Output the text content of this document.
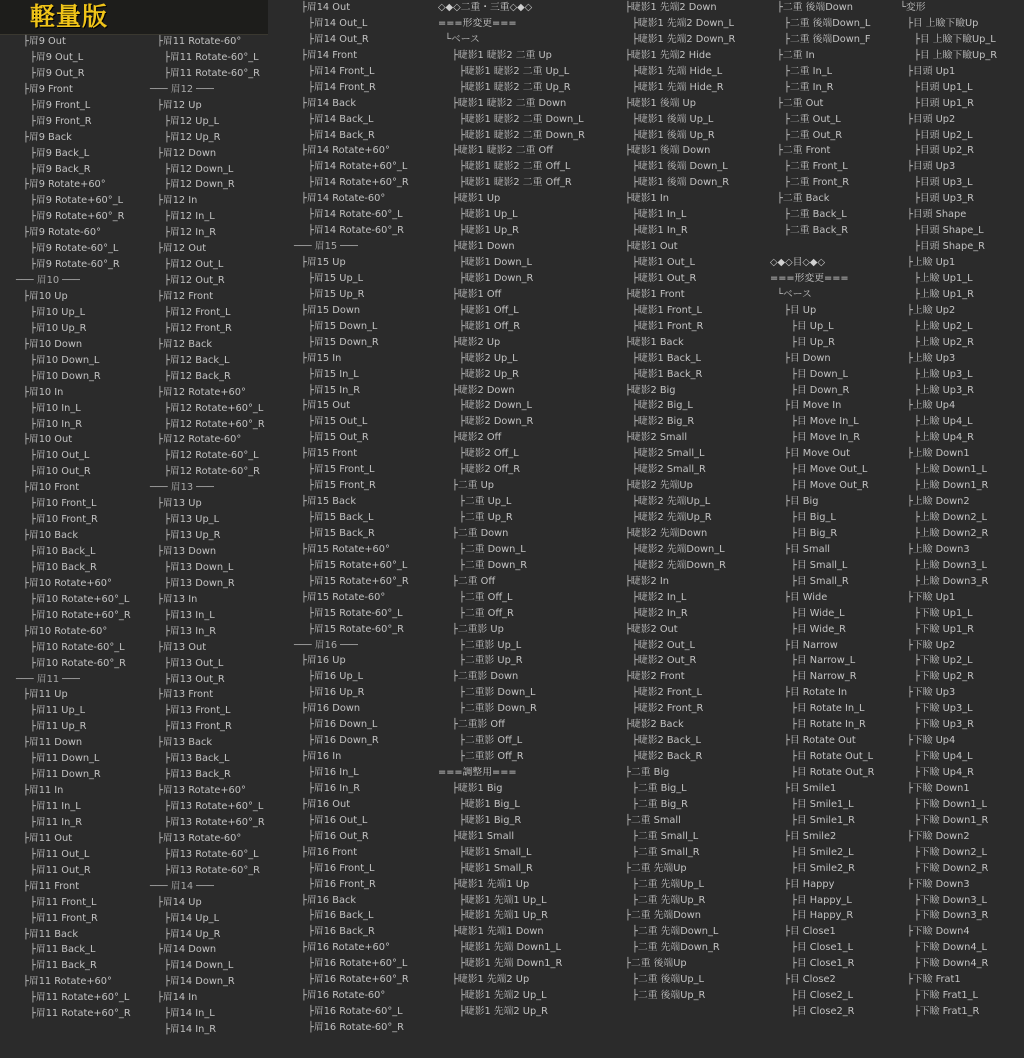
軽量版
├眉9 Out
├眉9 Out_L
├眉9 Out_R
├眉9 Front
├眉9 Front_L
├眉9 Front_R
├眉9 Back
├眉9 Back_L
├眉9 Back_R
├眉9 Rotate+60°
├眉9 Rotate+60°_L
├眉9 Rotate+60°_R
├眉9 Rotate-60°
├眉9 Rotate-60°_L
├眉9 Rotate-60°_R
─── 眉10 ───
├眉10 Up
├眉10 Up_L
├眉10 Up_R
├眉10 Down
├眉10 Down_L
├眉10 Down_R
├眉10 In
├眉10 In_L
├眉10 In_R
├眉10 Out
├眉10 Out_L
├眉10 Out_R
├眉10 Front
├眉10 Front_L
├眉10 Front_R
├眉10 Back
├眉10 Back_L
├眉10 Back_R
├眉10 Rotate+60°
├眉10 Rotate+60°_L
├眉10 Rotate+60°_R
├眉10 Rotate-60°
├眉10 Rotate-60°_L
├眉10 Rotate-60°_R
─── 眉11 ───
├眉11 Up
├眉11 Up_L
├眉11 Up_R
├眉11 Down
├眉11 Down_L
├眉11 Down_R
├眉11 In
├眉11 In_L
├眉11 In_R
├眉11 Out
├眉11 Out_L
├眉11 Out_R
├眉11 Front
├眉11 Front_L
├眉11 Front_R
├眉11 Back
├眉11 Back_L
├眉11 Back_R
├眉11 Rotate+60°
├眉11 Rotate+60°_L
├眉11 Rotate+60°_R
├眉11 Rotate-60°
├眉11 Rotate-60°_L
├眉11 Rotate-60°_R
─── 眉12 ───
├眉12 Up
├眉12 Up_L
├眉12 Up_R
├眉12 Down
├眉12 Down_L
├眉12 Down_R
├眉12 In
├眉12 In_L
├眉12 In_R
├眉12 Out
├眉12 Out_L
├眉12 Out_R
├眉12 Front
├眉12 Front_L
├眉12 Front_R
├眉12 Back
├眉12 Back_L
├眉12 Back_R
├眉12 Rotate+60°
├眉12 Rotate+60°_L
├眉12 Rotate+60°_R
├眉12 Rotate-60°
├眉12 Rotate-60°_L
├眉12 Rotate-60°_R
─── 眉13 ───
├眉13 Up
├眉13 Up_L
├眉13 Up_R
├眉13 Down
├眉13 Down_L
├眉13 Down_R
├眉13 In
├眉13 In_L
├眉13 In_R
├眉13 Out
├眉13 Out_L
├眉13 Out_R
├眉13 Front
├眉13 Front_L
├眉13 Front_R
├眉13 Back
├眉13 Back_L
├眉13 Back_R
├眉13 Rotate+60°
├眉13 Rotate+60°_L
├眉13 Rotate+60°_R
├眉13 Rotate-60°
├眉13 Rotate-60°_L
├眉13 Rotate-60°_R
─── 眉14 ───
├眉14 Up
├眉14 Up_L
├眉14 Up_R
├眉14 Down
├眉14 Down_L
├眉14 Down_R
├眉14 In
├眉14 In_L
├眉14 In_R
├眉14 Out
├眉14 Out_L
├眉14 Out_R
├眉14 Front
├眉14 Front_L
├眉14 Front_R
├眉14 Back
├眉14 Back_L
├眉14 Back_R
├眉14 Rotate+60°
├眉14 Rotate+60°_L
├眉14 Rotate+60°_R
├眉14 Rotate-60°
├眉14 Rotate-60°_L
├眉14 Rotate-60°_R
─── 眉15 ───
├眉15 Up
├眉15 Up_L
├眉15 Up_R
├眉15 Down
├眉15 Down_L
├眉15 Down_R
├眉15 In
├眉15 In_L
├眉15 In_R
├眉15 Out
├眉15 Out_L
├眉15 Out_R
├眉15 Front
├眉15 Front_L
├眉15 Front_R
├眉15 Back
├眉15 Back_L
├眉15 Back_R
├眉15 Rotate+60°
├眉15 Rotate+60°_L
├眉15 Rotate+60°_R
├眉15 Rotate-60°
├眉15 Rotate-60°_L
├眉15 Rotate-60°_R
─── 眉16 ───
├眉16 Up
├眉16 Up_L
├眉16 Up_R
├眉16 Down
├眉16 Down_L
├眉16 Down_R
├眉16 In
├眉16 In_L
├眉16 In_R
├眉16 Out
├眉16 Out_L
├眉16 Out_R
├眉16 Front
├眉16 Front_L
├眉16 Front_R
├眉16 Back
├眉16 Back_L
├眉16 Back_R
├眉16 Rotate+60°
├眉16 Rotate+60°_L
├眉16 Rotate+60°_R
├眉16 Rotate-60°
├眉16 Rotate-60°_L
├眉16 Rotate-60°_R
◇◆◇二重・三重◇◆◇
===形変更===
└ベース
├睫影1 睫影2 二重 Up
├睫影1 睫影2 二重 Up_L
├睫影1 睫影2 二重 Up_R
├睫影1 睫影2 二重 Down
├睫影1 睫影2 二重 Down_L
├睫影1 睫影2 二重 Down_R
├睫影1 睫影2 二重 Off
├睫影1 睫影2 二重 Off_L
├睫影1 睫影2 二重 Off_R
├睫影1 Up
├睫影1 Up_L
├睫影1 Up_R
├睫影1 Down
├睫影1 Down_L
├睫影1 Down_R
├睫影1 Off
├睫影1 Off_L
├睫影1 Off_R
├睫影2 Up
├睫影2 Up_L
├睫影2 Up_R
├睫影2 Down
├睫影2 Down_L
├睫影2 Down_R
├睫影2 Off
├睫影2 Off_L
├睫影2 Off_R
├二重 Up
├二重 Up_L
├二重 Up_R
├二重 Down
├二重 Down_L
├二重 Down_R
├二重 Off
├二重 Off_L
├二重 Off_R
├二重影 Up
├二重影 Up_L
├二重影 Up_R
├二重影 Down
├二重影 Down_L
├二重影 Down_R
├二重影 Off
├二重影 Off_L
├二重影 Off_R
===調整用===
├睫影1 Big
├睫影1 Big_L
├睫影1 Big_R
├睫影1 Small
├睫影1 Small_L
├睫影1 Small_R
├睫影1 先端1 Up
├睫影1 先端1 Up_L
├睫影1 先端1 Up_R
├睫影1 先端1 Down
├睫影1 先端 Down1_L
├睫影1 先端 Down1_R
├睫影1 先端2 Up
├睫影1 先端2 Up_L
├睫影1 先端2 Up_R
├睫影1 先端2 Down
├睫影1 先端2 Down_L
├睫影1 先端2 Down_R
├睫影1 先端2 Hide
├睫影1 先端 Hide_L
├睫影1 先端 Hide_R
├睫影1 後端 Up
├睫影1 後端 Up_L
├睫影1 後端 Up_R
├睫影1 後端 Down
├睫影1 後端 Down_L
├睫影1 後端 Down_R
├睫影1 In
├睫影1 In_L
├睫影1 In_R
├睫影1 Out
├睫影1 Out_L
├睫影1 Out_R
├睫影1 Front
├睫影1 Front_L
├睫影1 Front_R
├睫影1 Back
├睫影1 Back_L
├睫影1 Back_R
├睫影2 Big
├睫影2 Big_L
├睫影2 Big_R
├睫影2 Small
├睫影2 Small_L
├睫影2 Small_R
├睫影2 先端Up
├睫影2 先端Up_L
├睫影2 先端Up_R
├睫影2 先端Down
├睫影2 先端Down_L
├睫影2 先端Down_R
├睫影2 In
├睫影2 In_L
├睫影2 In_R
├睫影2 Out
├睫影2 Out_L
├睫影2 Out_R
├睫影2 Front
├睫影2 Front_L
├睫影2 Front_R
├睫影2 Back
├睫影2 Back_L
├睫影2 Back_R
├二重 Big
├二重 Big_L
├二重 Big_R
├二重 Small
├二重 Small_L
├二重 Small_R
├二重 先端Up
├二重 先端Up_L
├二重 先端Up_R
├二重 先端Down
├二重 先端Down_L
├二重 先端Down_R
├二重 後端Up
├二重 後端Up_L
├二重 後端Up_R
├二重 後端Down
├二重 後端Down_L
├二重 後端Down_F
├二重 In
├二重 In_L
├二重 In_R
├二重 Out
├二重 Out_L
├二重 Out_R
├二重 Front
├二重 Front_L
├二重 Front_R
├二重 Back
├二重 Back_L
├二重 Back_R
◇◆◇目◇◆◇
===形変更===
└ベース
├目 Up
├目 Up_L
├目 Up_R
├目 Down
├目 Down_L
├目 Down_R
├目 Move In
├目 Move In_L
├目 Move In_R
├目 Move Out
├目 Move Out_L
├目 Move Out_R
├目 Big
├目 Big_L
├目 Big_R
├目 Small
├目 Small_L
├目 Small_R
├目 Wide
├目 Wide_L
├目 Wide_R
├目 Narrow
├目 Narrow_L
├目 Narrow_R
├目 Rotate In
├目 Rotate In_L
├目 Rotate In_R
├目 Rotate Out
├目 Rotate Out_L
├目 Rotate Out_R
├目 Smile1
├目 Smile1_L
├目 Smile1_R
├目 Smile2
├目 Smile2_L
├目 Smile2_R
├目 Happy
├目 Happy_L
├目 Happy_R
├目 Close1
├目 Close1_L
├目 Close1_R
├目 Close2
├目 Close2_L
├目 Close2_R
└変形
├目 上瞼下瞼Up
├目 上瞼下瞼Up_L
├目 上瞼下瞼Up_R
├目頭 Up1
├目頭 Up1_L
├目頭 Up1_R
├目頭 Up2
├目頭 Up2_L
├目頭 Up2_R
├目頭 Up3
├目頭 Up3_L
├目頭 Up3_R
├目頭 Shape
├目頭 Shape_L
├目頭 Shape_R
├上瞼 Up1
├上瞼 Up1_L
├上瞼 Up1_R
├上瞼 Up2
├上瞼 Up2_L
├上瞼 Up2_R
├上瞼 Up3
├上瞼 Up3_L
├上瞼 Up3_R
├上瞼 Up4
├上瞼 Up4_L
├上瞼 Up4_R
├上瞼 Down1
├上瞼 Down1_L
├上瞼 Down1_R
├上瞼 Down2
├上瞼 Down2_L
├上瞼 Down2_R
├上瞼 Down3
├上瞼 Down3_L
├上瞼 Down3_R
├下瞼 Up1
├下瞼 Up1_L
├下瞼 Up1_R
├下瞼 Up2
├下瞼 Up2_L
├下瞼 Up2_R
├下瞼 Up3
├下瞼 Up3_L
├下瞼 Up3_R
├下瞼 Up4
├下瞼 Up4_L
├下瞼 Up4_R
├下瞼 Down1
├下瞼 Down1_L
├下瞼 Down1_R
├下瞼 Down2
├下瞼 Down2_L
├下瞼 Down2_R
├下瞼 Down3
├下瞼 Down3_L
├下瞼 Down3_R
├下瞼 Down4
├下瞼 Down4_L
├下瞼 Down4_R
├下瞼 Frat1
├下瞼 Frat1_L
├下瞼 Frat1_R
